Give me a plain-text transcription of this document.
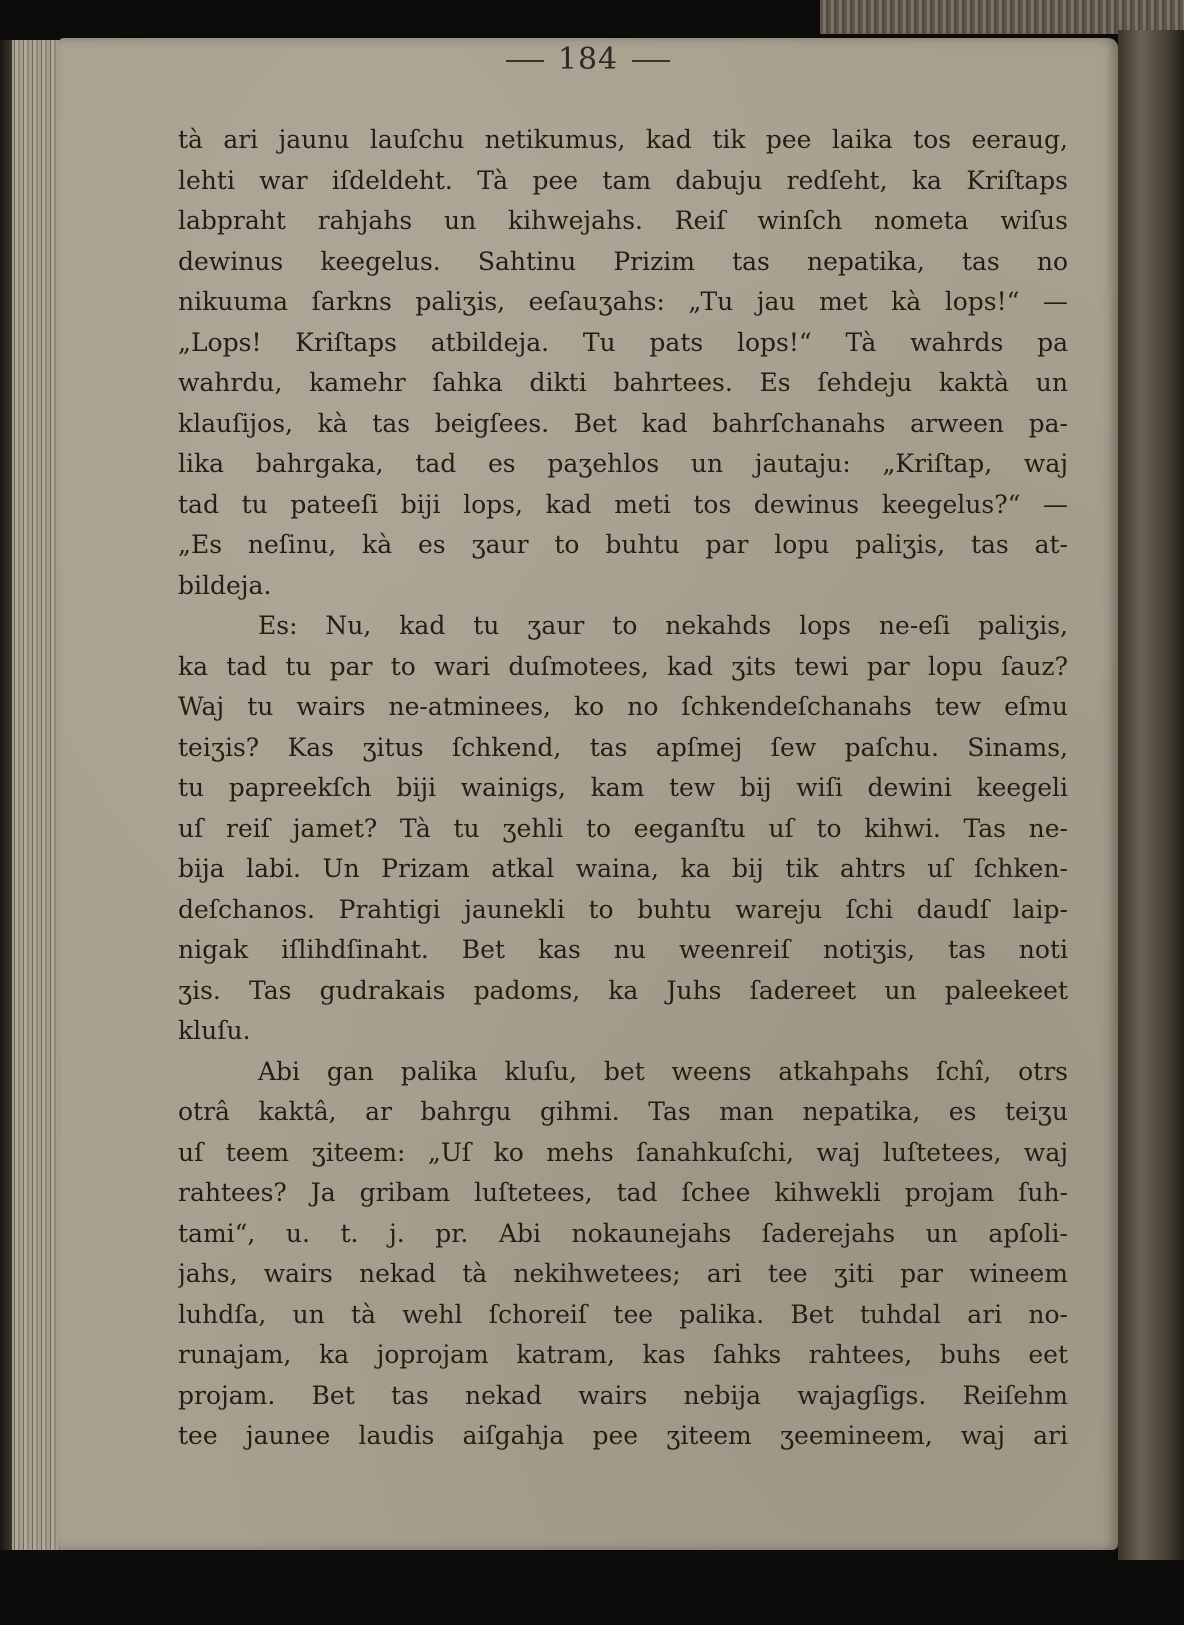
184
tà ari jaunu lauſchu netikumus, kad tik pee laika tos eeraug,
lehti war iſdeldeht. Tà pee tam dabuju redſeht, ka Kriſtaps
labpraht rahjahs un kihwejahs. Reiſ winſch nometa wiſus
dewinus keegelus. Sahtinu Prizim tas nepatika, tas no
nikuuma ſarkns paliʒis, eeſauʒahs: „Tu jau met kà lops!“ —
„Lops! Kriſtaps atbildeja. Tu pats lops!“ Tà wahrds pa
wahrdu, kamehr ſahka dikti bahrtees. Es ſehdeju kaktà un
klauſijos, kà tas beigſees. Bet kad bahrſchanahs arween pa-
lika bahrgaka, tad es paʒehlos un jautaju: „Kriſtap, waj
tad tu pateeſi biji lops, kad meti tos dewinus keegelus?“ —
„Es neſinu, kà es ʒaur to buhtu par lopu paliʒis, tas at-
bildeja.
Es: Nu, kad tu ʒaur to nekahds lops ne-eſi paliʒis,
ka tad tu par to wari duſmotees, kad ʒits tewi par lopu ſauz?
Waj tu wairs ne-atminees, ko no ſchkendeſchanahs tew eſmu
teiʒis? Kas ʒitus ſchkend, tas apſmej ſew paſchu. Sinams,
tu papreekſch biji wainigs, kam tew bij wiſi dewini keegeli
uſ reiſ jamet? Tà tu ʒehli to eeganſtu uſ to kihwi. Tas ne-
bija labi. Un Prizam atkal waina, ka bij tik ahtrs uſ ſchken-
deſchanos. Prahtigi jaunekli to buhtu wareju ſchi daudſ laip-
nigak iſlihdſinaht. Bet kas nu weenreiſ notiʒis, tas noti
ʒis. Tas gudrakais padoms, ka Juhs ſadereet un paleekeet
kluſu.
Abi gan palika kluſu, bet weens atkahpahs ſchî, otrs
otrâ kaktâ, ar bahrgu gihmi. Tas man nepatika, es teiʒu
uſ teem ʒiteem: „Uſ ko mehs ſanahkuſchi, waj luſtetees, waj
rahtees? Ja gribam luſtetees, tad ſchee kihwekli projam ſuh-
tami“, u. t. j. pr. Abi nokaunejahs ſaderejahs un apſoli-
jahs, wairs nekad tà nekihwetees; ari tee ʒiti par wineem
luhdſa, un tà wehl ſchoreiſ tee palika. Bet tuhdal ari no-
runajam, ka joprojam katram, kas ſahks rahtees, buhs eet
projam. Bet tas nekad wairs nebija wajagſigs. Reiſehm
tee jaunee laudis aiſgahja pee ʒiteem ʒeemineem, waj ari
